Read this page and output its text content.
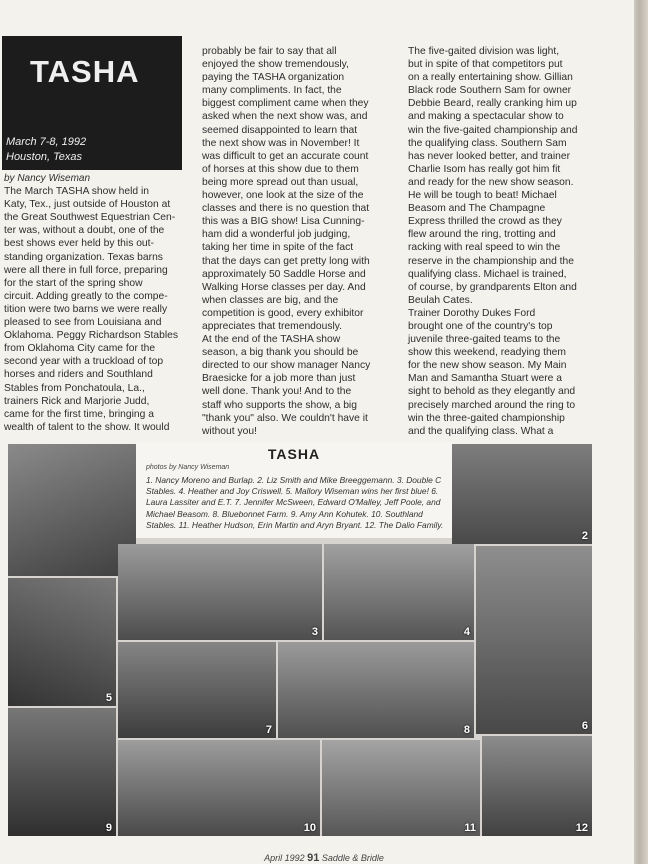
TASHA
March 7-8, 1992
Houston, Texas

by Nancy Wiseman

The March TASHA show held in

Katy, Tex., just outside of Houston at

the Great Southwest Equestrian Cen-

ter was, without a doubt, one of the

best shows ever held by this out-

standing organization. Texas barns

were all there in full force, preparing

for the start of the spring show

circuit. Adding greatly to the compe-

tition were two barns we were really

pleased to see from Louisiana and

Oklahoma. Peggy Richardson Stables

from Oklahoma City came for the

second year with a truckload of top

horses and riders and Southland

Stables from Ponchatoula, La.,

trainers Rick and Marjorie Judd,

came for the first time, bringing a

wealth of talent to the show. It would

probably be fair to say that all

enjoyed the show tremendously,

paying the TASHA organization

many compliments. In fact, the

biggest compliment came when they

asked when the next show was, and

seemed disappointed to learn that

the next show was in November! It

was difficult to get an accurate count

of horses at this show due to them

being more spread out than usual,

however, one look at the size of the

classes and there is no question that

this was a BIG show! Lisa Cunning-

ham did a wonderful job judging,

taking her time in spite of the fact

that the days can get pretty long with

approximately 50 Saddle Horse and

Walking Horse classes per day. And

when classes are big, and the

competition is good, every exhibitor

appreciates that tremendously.

At the end of the TASHA show

season, a big thank you should be

directed to our show manager Nancy

Braesicke for a job more than just

well done. Thank you! And to the

staff who supports the show, a big

"thank you" also. We couldn't have it

without you!

The five-gaited division was light,

but in spite of that competitors put

on a really entertaining show. Gillian

Black rode Southern Sam for owner

Debbie Beard, really cranking him up

and making a spectacular show to

win the five-gaited championship and

the qualifying class. Southern Sam

has never looked better, and trainer

Charlie Isom has really got him fit

and ready for the new show season.

He will be tough to beat! Michael

Beasom and The Champagne

Express thrilled the crowd as they

flew around the ring, trotting and

racking with real speed to win the

reserve in the championship and the

qualifying class. Michael is trained,

of course, by grandparents Elton and

Beulah Cates.

Trainer Dorothy Dukes Ford

brought one of the country's top

juvenile three-gaited teams to the

show this weekend, readying them

for the new show season. My Main

Man and Samantha Stuart were a

sight to behold as they elegantly and

precisely marched around the ring to

win the three-gaited championship

and the qualifying class. What a

2
3	4
5
6
7	8
9	10	11	12
TASHA
photos by Nancy Wiseman
1. Nancy Moreno and Burlap. 2. Liz Smith and Mike Breeggemann. 3. Double C Stables. 4. Heather and Joy Criswell. 5. Mallory Wiseman wins her first blue! 6. Laura Lassiter and E.T. 7. Jennifer McSween, Edward O'Malley, Jeff Poole, and Michael Beasom. 8. Bluebonnet Farm. 9. Amy Ann Kohutek. 10. Southland Stables. 11. Heather Hudson, Erin Martin and Aryn Bryant. 12. The Dalio Family.
April 1992 91 Saddle & Bridle
